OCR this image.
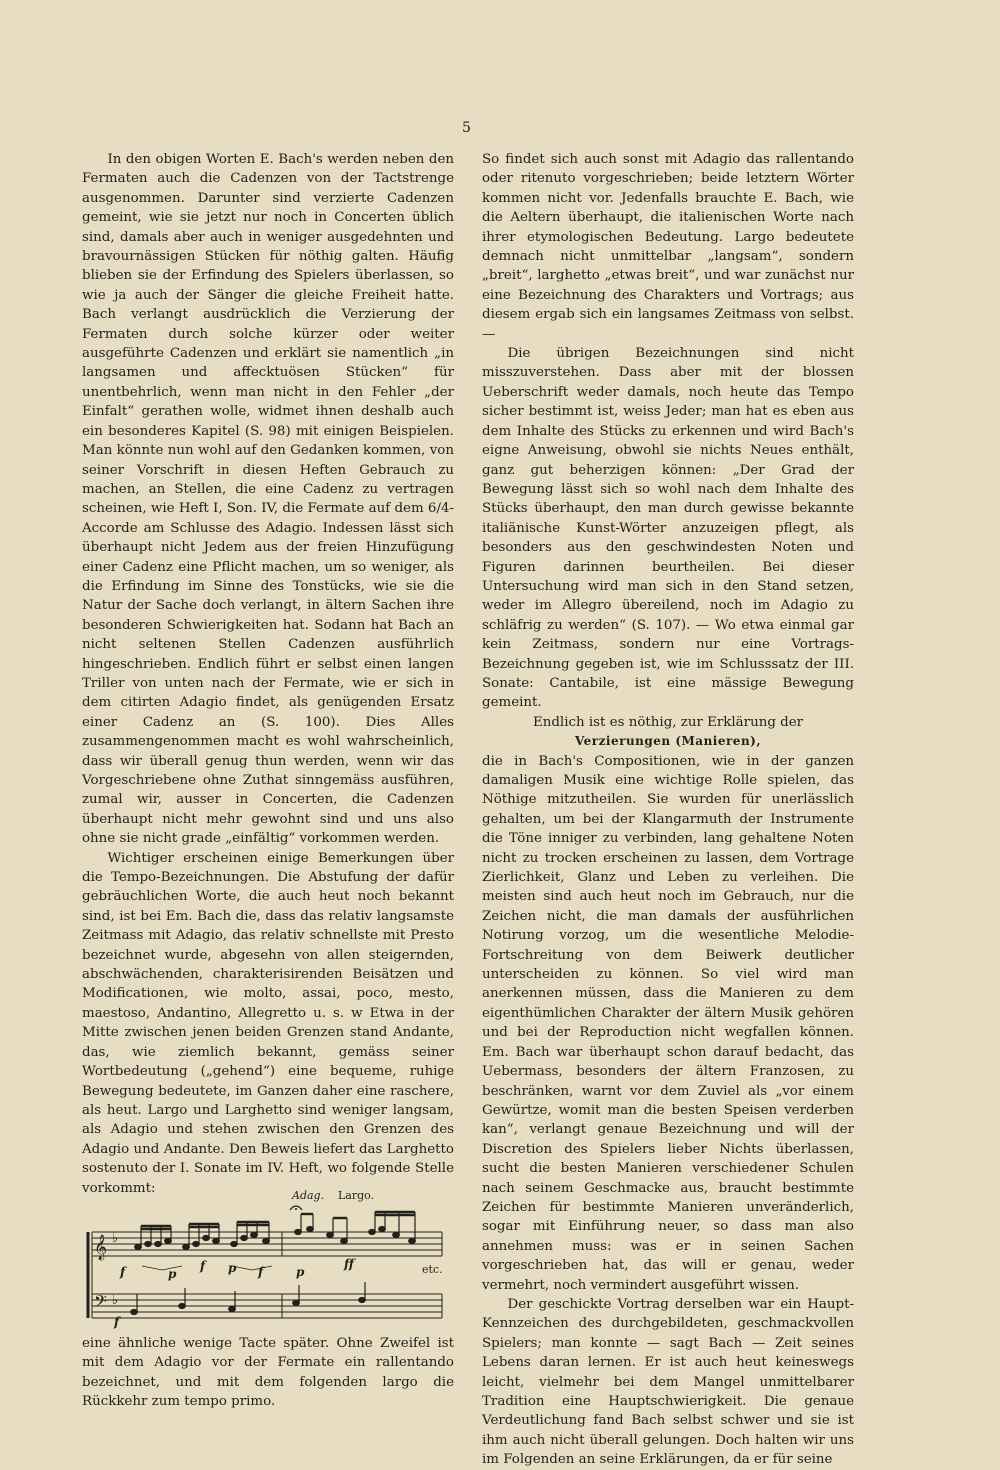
5

In den obigen Worten E. Bach's werden neben den Fermaten auch die Cadenzen von der Tactstrenge ausgenommen. Darunter sind verzierte Cadenzen gemeint, wie sie jetzt nur noch in Concerten üblich sind, damals aber auch in weniger ausgedehnten und bravournässigen Stücken für nöthig galten. Häufig blieben sie der Erfindung des Spielers überlassen, so wie ja auch der Sänger die gleiche Freiheit hatte. Bach verlangt ausdrücklich die Verzierung der Fermaten durch solche kürzer oder weiter ausgeführte Cadenzen und erklärt sie namentlich „in langsamen und affecktuösen Stücken“ für unentbehrlich, wenn man nicht in den Fehler „der Einfalt“ gerathen wolle, widmet ihnen deshalb auch ein besonderes Kapitel (S. 98) mit einigen Beispielen. Man könnte nun wohl auf den Gedanken kommen, von seiner Vorschrift in diesen Heften Gebrauch zu machen, an Stellen, die eine Cadenz zu vertragen scheinen, wie Heft I, Son. IV, die Fermate auf dem 6/4-Accorde am Schlusse des Adagio. Indessen lässt sich überhaupt nicht Jedem aus der freien Hinzufügung einer Cadenz eine Pflicht machen, um so weniger, als die Erfindung im Sinne des Tonstücks, wie sie die Natur der Sache doch verlangt, in ältern Sachen ihre besonderen Schwierigkeiten hat. Sodann hat Bach an nicht seltenen Stellen Cadenzen ausführlich hingeschrieben. Endlich führt er selbst einen langen Triller von unten nach der Fermate, wie er sich in dem citirten Adagio findet, als genügenden Ersatz einer Cadenz an (S. 100). Dies Alles zusammengenommen macht es wohl wahrscheinlich, dass wir überall genug thun werden, wenn wir das Vorgeschriebene ohne Zuthat sinngemäss ausführen, zumal wir, ausser in Concerten, die Cadenzen überhaupt nicht mehr gewohnt sind und uns also ohne sie nicht grade „einfältig“ vorkommen werden.

Wichtiger erscheinen einige Bemerkungen über die Tempo-Bezeichnungen. Die Abstufung der dafür gebräuchlichen Worte, die auch heut noch bekannt sind, ist bei Em. Bach die, dass das relativ langsamste Zeitmass mit Adagio, das relativ schnellste mit Presto bezeichnet wurde, abgesehn von allen steigernden, abschwächenden, charakterisirenden Beisätzen und Modificationen, wie molto, assai, poco, mesto, maestoso, Andantino, Allegretto u. s. w Etwa in der Mitte zwischen jenen beiden Grenzen stand Andante, das, wie ziemlich bekannt, gemäss seiner Wortbedeutung („gehend“) eine bequeme, ruhige Bewegung bedeutete, im Ganzen daher eine raschere, als heut. Largo und Larghetto sind weniger langsam, als Adagio und stehen zwischen den Grenzen des Adagio und Andante. Den Beweis liefert das Larghetto sostenuto der I. Sonate im IV. Heft, wo folgende Stelle vorkommt:

𝄞
𝄢
♭
♭
Adag. Largo.
f	p
f p f	p
ff	etc.
f

eine ähnliche wenige Tacte später. Ohne Zweifel ist mit dem Adagio vor der Fermate ein rallentando bezeichnet, und mit dem folgenden largo die Rückkehr zum tempo primo.

So findet sich auch sonst mit Adagio das rallentando oder ritenuto vorgeschrieben; beide letztern Wörter kommen nicht vor. Jedenfalls brauchte E. Bach, wie die Aeltern überhaupt, die italienischen Worte nach ihrer etymologischen Bedeutung. Largo bedeutete demnach nicht unmittelbar „langsam“, sondern „breit“, larghetto „etwas breit“, und war zunächst nur eine Bezeichnung des Charakters und Vortrags; aus diesem ergab sich ein langsames Zeitmass von selbst. —

Die übrigen Bezeichnungen sind nicht misszuverstehen. Dass aber mit der blossen Ueberschrift weder damals, noch heute das Tempo sicher bestimmt ist, weiss Jeder; man hat es eben aus dem Inhalte des Stücks zu erkennen und wird Bach's eigne Anweisung, obwohl sie nichts Neues enthält, ganz gut beherzigen können: „Der Grad der Bewegung lässt sich so wohl nach dem Inhalte des Stücks überhaupt, den man durch gewisse bekannte italiänische Kunst-Wörter anzuzeigen pflegt, als besonders aus den geschwindesten Noten und Figuren darinnen beurtheilen. Bei dieser Untersuchung wird man sich in den Stand setzen, weder im Allegro übereilend, noch im Adagio zu schläfrig zu werden“ (S. 107). — Wo etwa einmal gar kein Zeitmass, sondern nur eine Vortrags-Bezeichnung gegeben ist, wie im Schlusssatz der III. Sonate: Cantabile, ist eine mässige Bewegung gemeint.

Endlich ist es nöthig, zur Erklärung der

Verzierungen (Manieren),

die in Bach's Compositionen, wie in der ganzen damaligen Musik eine wichtige Rolle spielen, das Nöthige mitzutheilen. Sie wurden für unerlässlich gehalten, um bei der Klangarmuth der Instrumente die Töne inniger zu verbinden, lang gehaltene Noten nicht zu trocken erscheinen zu lassen, dem Vortrage Zierlichkeit, Glanz und Leben zu verleihen. Die meisten sind auch heut noch im Gebrauch, nur die Zeichen nicht, die man damals der ausführlichen Notirung vorzog, um die wesentliche Melodie-Fortschreitung von dem Beiwerk deutlicher unterscheiden zu können. So viel wird man anerkennen müssen, dass die Manieren zu dem eigenthümlichen Charakter der ältern Musik gehören und bei der Reproduction nicht wegfallen können. Em. Bach war überhaupt schon darauf bedacht, das Uebermass, besonders der ältern Franzosen, zu beschränken, warnt vor dem Zuviel als „vor einem Gewürtze, womit man die besten Speisen verderben kan“, verlangt genaue Bezeichnung und will der Discretion des Spielers lieber Nichts überlassen, sucht die besten Manieren verschiedener Schulen nach seinem Geschmacke aus, braucht bestimmte Zeichen für bestimmte Manieren unveränderlich, sogar mit Einführung neuer, so dass man also annehmen muss: was er in seinen Sachen vorgeschrieben hat, das will er genau, weder vermehrt, noch vermindert ausgeführt wissen.

Der geschickte Vortrag derselben war ein Haupt-Kennzeichen des durchgebildeten, geschmackvollen Spielers; man konnte — sagt Bach — Zeit seines Lebens daran lernen. Er ist auch heut keineswegs leicht, vielmehr bei dem Mangel unmittelbarer Tradition eine Hauptschwierigkeit. Die genaue Verdeutlichung fand Bach selbst schwer und sie ist ihm auch nicht überall gelungen. Doch halten wir uns im Folgenden an seine Erklärungen, da er für seine
